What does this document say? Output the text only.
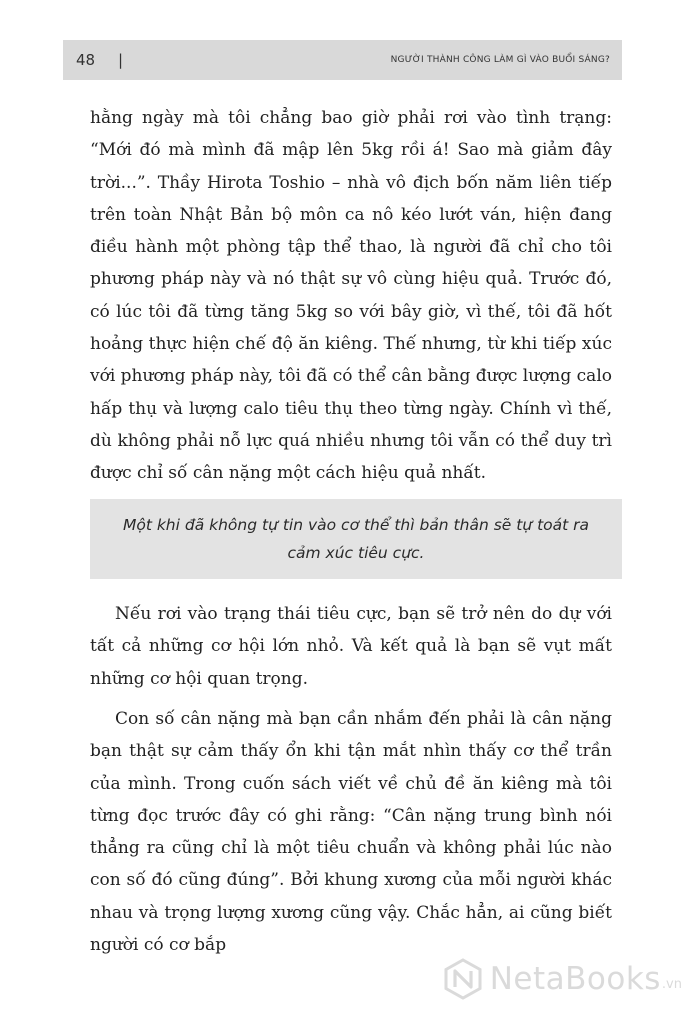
48 |	NGƯỜI THÀNH CÔNG LÀM GÌ VÀO BUỔI SÁNG?

hằng ngày mà tôi chẳng bao giờ phải rơi vào tình trạng: “Mới đó mà mình đã mập lên 5kg rồi á! Sao mà giảm đây trời...”. Thầy Hirota Toshio – nhà vô địch bốn năm liên tiếp trên toàn Nhật Bản bộ môn ca nô kéo lướt ván, hiện đang điều hành một phòng tập thể thao, là người đã chỉ cho tôi phương pháp này và nó thật sự vô cùng hiệu quả. Trước đó, có lúc tôi đã từng tăng 5kg so với bây giờ, vì thế, tôi đã hốt hoảng thực hiện chế độ ăn kiêng. Thế nhưng, từ khi tiếp xúc với phương pháp này, tôi đã có thể cân bằng được lượng calo hấp thụ và lượng calo tiêu thụ theo từng ngày. Chính vì thế, dù không phải nỗ lực quá nhiều nhưng tôi vẫn có thể duy trì được chỉ số cân nặng một cách hiệu quả nhất.

Một khi đã không tự tin vào cơ thể thì bản thân sẽ tự toát ra cảm xúc tiêu cực.

Nếu rơi vào trạng thái tiêu cực, bạn sẽ trở nên do dự với tất cả những cơ hội lớn nhỏ. Và kết quả là bạn sẽ vụt mất những cơ hội quan trọng.

Con số cân nặng mà bạn cần nhắm đến phải là cân nặng bạn thật sự cảm thấy ổn khi tận mắt nhìn thấy cơ thể trần của mình. Trong cuốn sách viết về chủ đề ăn kiêng mà tôi từng đọc trước đây có ghi rằng: “Cân nặng trung bình nói thẳng ra cũng chỉ là một tiêu chuẩn và không phải lúc nào con số đó cũng đúng”. Bởi khung xương của mỗi người khác nhau và trọng lượng xương cũng vậy. Chắc hẳn, ai cũng biết người có cơ bắp

NetaBooks .vn
